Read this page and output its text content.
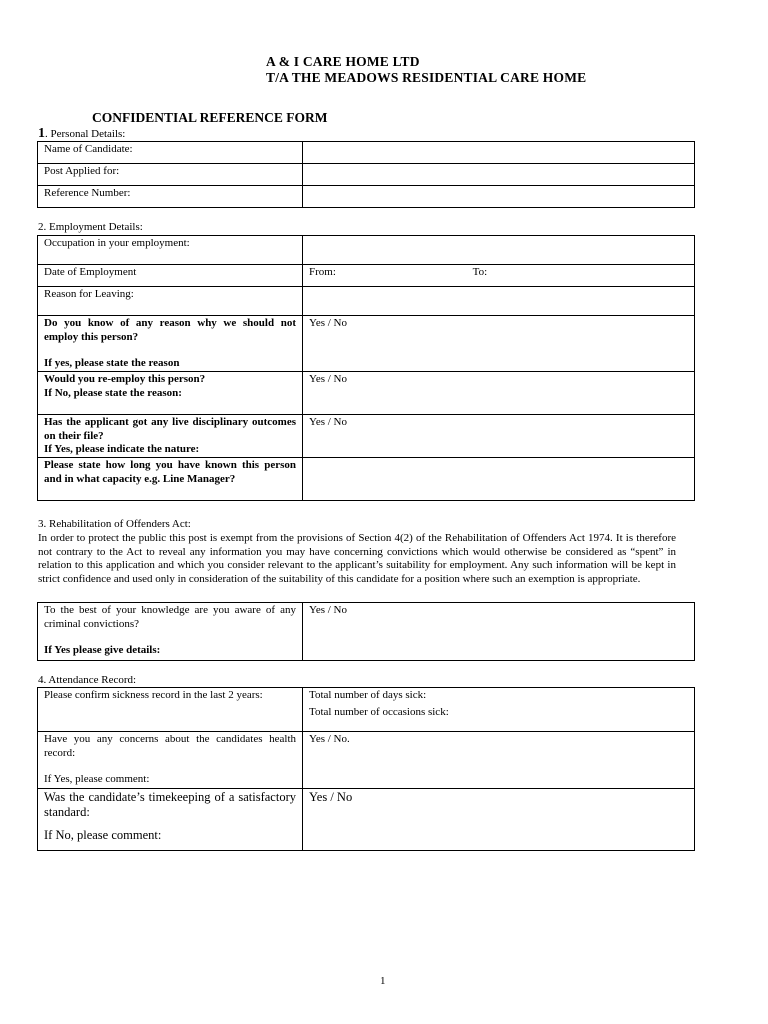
A & I CARE HOME LTD
T/A THE MEADOWS RESIDENTIAL CARE HOME
CONFIDENTIAL REFERENCE FORM
1. Personal Details:
Name of Candidate:	
Post Applied for:	
Reference Number:	
2. Employment Details:
Occupation in your employment:	
Date of Employment	From: To:
Reason for Leaving:	
Do you know of any reason why we should not employ this person?
If yes, please state the reason	Yes / No
Would you re-employ this person?
If No, please state the reason:	Yes / No
Has the applicant got any live disciplinary outcomes on their file?
If Yes, please indicate the nature:	Yes / No
Please state how long you have known this person and in what capacity e.g. Line Manager?	
3. Rehabilitation of Offenders Act:
In order to protect the public this post is exempt from the provisions of Section 4(2) of the Rehabilitation of Offenders Act 1974. It is therefore not contrary to the Act to reveal any information you may have concerning convictions which would otherwise be considered as “spent” in relation to this application and which you consider relevant to the applicant’s suitability for employment. Any such information will be kept in strict confidence and used only in consideration of the suitability of this candidate for a position where such an exemption is appropriate.
To the best of your knowledge are you aware of any criminal convictions?
If Yes please give details:	Yes / No
4. Attendance Record:
Please confirm sickness record in the last 2 years:	Total number of days sick:
Total number of occasions sick:

Have you any concerns about the candidates health record:
If Yes, please comment:	Yes / No.
Was the candidate’s timekeeping of a satisfactory standard:
If No, please comment:	Yes / No
1
